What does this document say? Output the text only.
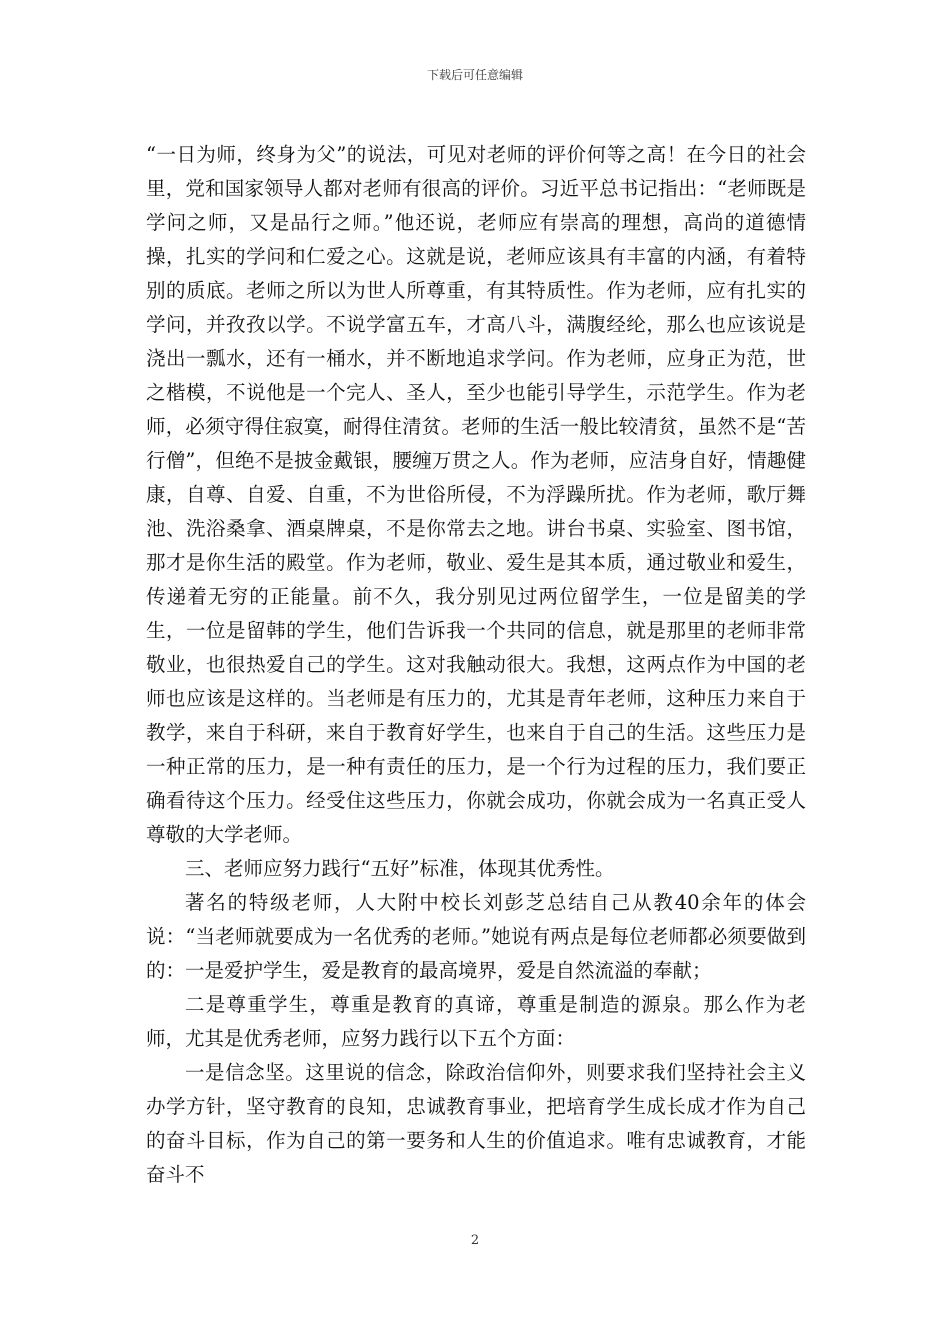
下载后可任意编辑

“一日为师，终身为父”的说法，可见对老师的评价何等之高！在今日的社会里，党和国家领导人都对老师有很高的评价。习近平总书记指出：“老师既是学问之师，又是品行之师。”他还说，老师应有崇高的理想，高尚的道德情操，扎实的学问和仁爱之心。这就是说，老师应该具有丰富的内涵，有着特别的质底。老师之所以为世人所尊重，有其特质性。作为老师，应有扎实的学问，并孜孜以学。不说学富五车，才高八斗，满腹经纶，那么也应该说是浇出一瓢水，还有一桶水，并不断地追求学问。作为老师，应身正为范，世之楷模，不说他是一个完人、圣人，至少也能引导学生，示范学生。作为老师，必须守得住寂寞，耐得住清贫。老师的生活一般比较清贫，虽然不是“苦行僧”，但绝不是披金戴银，腰缠万贯之人。作为老师，应洁身自好，情趣健康，自尊、自爱、自重，不为世俗所侵，不为浮躁所扰。作为老师，歌厅舞池、洗浴桑拿、酒桌牌桌，不是你常去之地。讲台书桌、实验室、图书馆，那才是你生活的殿堂。作为老师，敬业、爱生是其本质，通过敬业和爱生，传递着无穷的正能量。前不久，我分别见过两位留学生，一位是留美的学生，一位是留韩的学生，他们告诉我一个共同的信息，就是那里的老师非常敬业，也很热爱自己的学生。这对我触动很大。我想，这两点作为中国的老师也应该是这样的。当老师是有压力的，尤其是青年老师，这种压力来自于教学，来自于科研，来自于教育好学生，也来自于自己的生活。这些压力是一种正常的压力，是一种有责任的压力，是一个行为过程的压力，我们要正确看待这个压力。经受住这些压力，你就会成功，你就会成为一名真正受人尊敬的大学老师。

三、老师应努力践行“五好”标准，体现其优秀性。

著名的特级老师，人大附中校长刘彭芝总结自己从教40余年的体会说：“当老师就要成为一名优秀的老师。”她说有两点是每位老师都必须要做到的：一是爱护学生，爱是教育的最高境界，爱是自然流溢的奉献；

二是尊重学生，尊重是教育的真谛，尊重是制造的源泉。那么作为老师，尤其是优秀老师，应努力践行以下五个方面：

一是信念坚。这里说的信念，除政治信仰外，则要求我们坚持社会主义办学方针，坚守教育的良知，忠诚教育事业，把培育学生成长成才作为自己的奋斗目标，作为自己的第一要务和人生的价值追求。唯有忠诚教育，才能奋斗不

2
